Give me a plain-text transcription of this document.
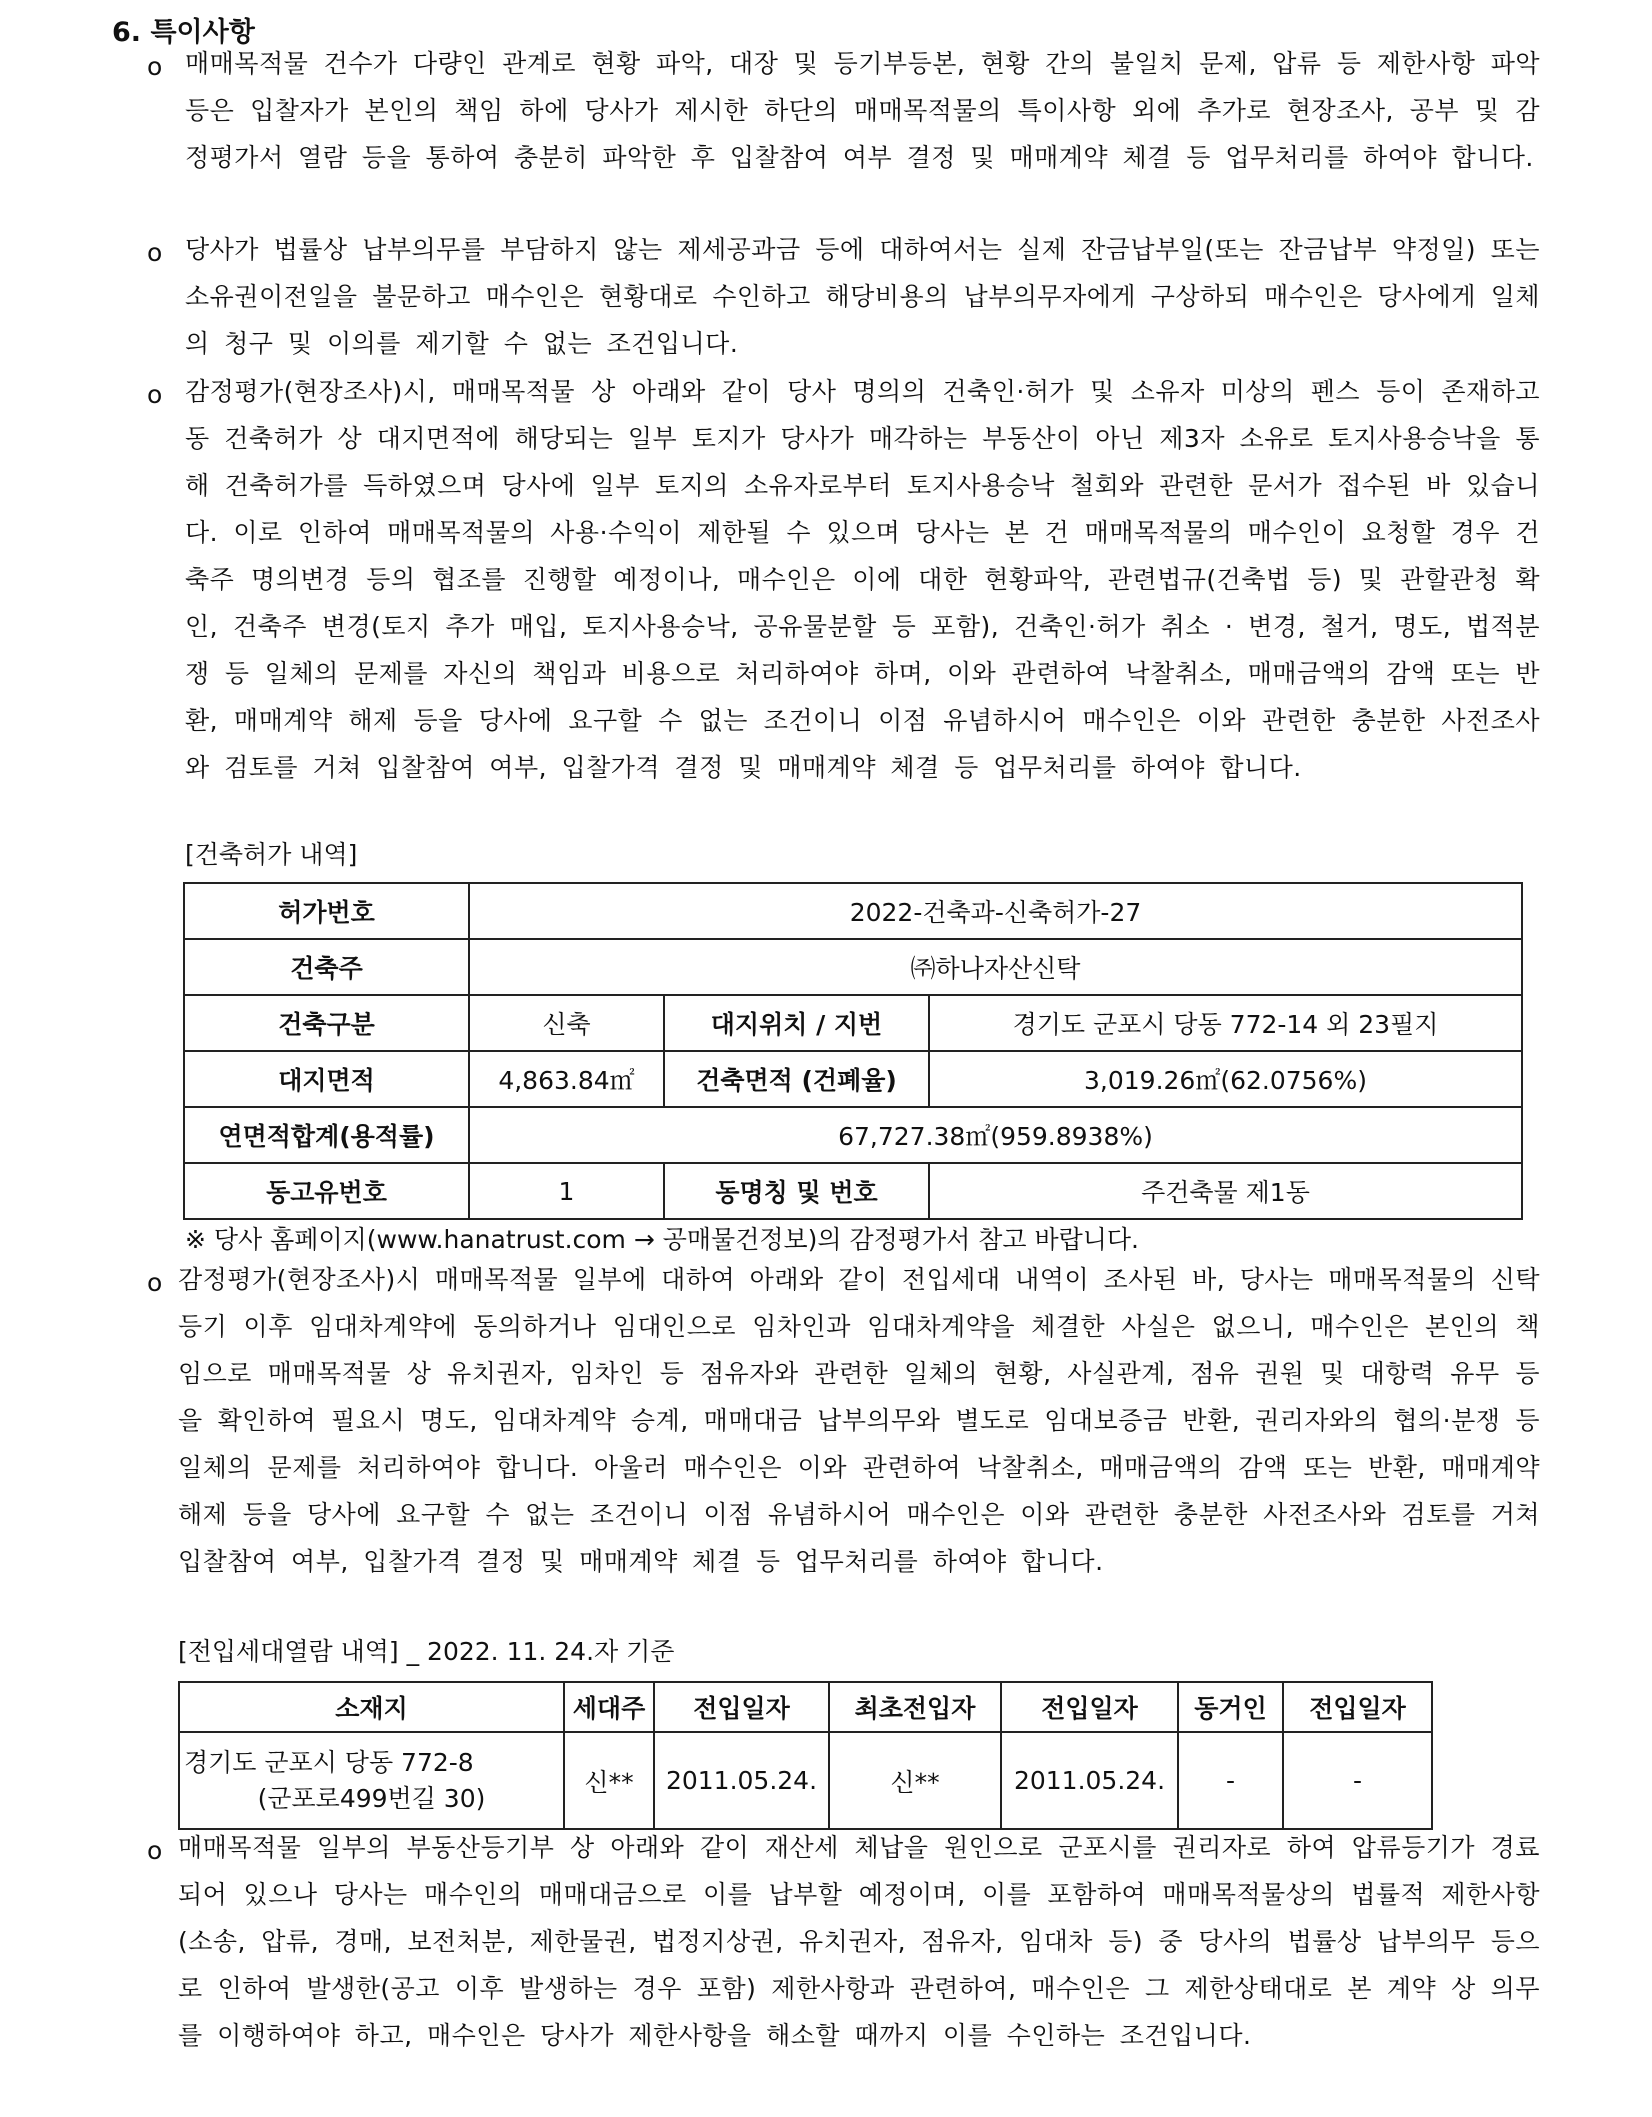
6. 특이사항
o 매매목적물 건수가 다량인 관계로 현황 파악, 대장 및 등기부등본, 현황 간의 불일치 문제, 압류 등 제한사항 파악 등은 입찰자가 본인의 책임 하에 당사가 제시한 하단의 매매목적물의 특이사항 외에 추가로 현장조사, 공부 및 감정평가서 열람 등을 통하여 충분히 파악한 후 입찰참여 여부 결정 및 매매계약 체결 등 업무처리를 하여야 합니다.

o 당사가 법률상 납부의무를 부담하지 않는 제세공과금 등에 대하여서는 실제 잔금납부일(또는 잔금납부 약정일) 또는 소유권이전일을 불문하고 매수인은 현황대로 수인하고 해당비용의 납부의무자에게 구상하되 매수인은 당사에게 일체의 청구 및 이의를 제기할 수 없는 조건입니다.

o 감정평가(현장조사)시, 매매목적물 상 아래와 같이 당사 명의의 건축인·허가 및 소유자 미상의 펜스 등이 존재하고 동 건축허가 상 대지면적에 해당되는 일부 토지가 당사가 매각하는 부동산이 아닌 제3자 소유로 토지사용승낙을 통해 건축허가를 득하였으며 당사에 일부 토지의 소유자로부터 토지사용승낙 철회와 관련한 문서가 접수된 바 있습니다. 이로 인하여 매매목적물의 사용·수익이 제한될 수 있으며 당사는 본 건 매매목적물의 매수인이 요청할 경우 건축주 명의변경 등의 협조를 진행할 예정이나, 매수인은 이에 대한 현황파악, 관련법규(건축법 등) 및 관할관청 확인, 건축주 변경(토지 추가 매입, 토지사용승낙, 공유물분할 등 포함), 건축인·허가 취소 · 변경, 철거, 명도, 법적분쟁 등 일체의 문제를 자신의 책임과 비용으로 처리하여야 하며, 이와 관련하여 낙찰취소, 매매금액의 감액 또는 반환, 매매계약 해제 등을 당사에 요구할 수 없는 조건이니 이점 유념하시어 매수인은 이와 관련한 충분한 사전조사와 검토를 거쳐 입찰참여 여부, 입찰가격 결정 및 매매계약 체결 등 업무처리를 하여야 합니다.

[건축허가 내역]
허가번호	2022-건축과-신축허가-27		
건축주	㈜하나자산신탁		
건축구분	신축	대지위치 / 지번	경기도 군포시 당동 772-14 외 23필지
대지면적	4,863.84㎡	건축면적 (건폐율)	3,019.26㎡(62.0756%)
연면적합계(용적률)	67,727.38㎡(959.8938%)		
동고유번호	1	동명칭 및 번호	주건축물 제1동
※ 당사 홈페이지(www.hanatrust.com → 공매물건정보)의 감정평가서 참고 바랍니다.
o 감정평가(현장조사)시 매매목적물 일부에 대하여 아래와 같이 전입세대 내역이 조사된 바, 당사는 매매목적물의 신탁등기 이후 임대차계약에 동의하거나 임대인으로 임차인과 임대차계약을 체결한 사실은 없으니, 매수인은 본인의 책임으로 매매목적물 상 유치권자, 임차인 등 점유자와 관련한 일체의 현황, 사실관계, 점유 권원 및 대항력 유무 등을 확인하여 필요시 명도, 임대차계약 승계, 매매대금 납부의무와 별도로 임대보증금 반환, 권리자와의 협의·분쟁 등 일체의 문제를 처리하여야 합니다. 아울러 매수인은 이와 관련하여 낙찰취소, 매매금액의 감액 또는 반환, 매매계약 해제 등을 당사에 요구할 수 없는 조건이니 이점 유념하시어 매수인은 이와 관련한 충분한 사전조사와 검토를 거쳐 입찰참여 여부, 입찰가격 결정 및 매매계약 체결 등 업무처리를 하여야 합니다.

[전입세대열람 내역] _ 2022. 11. 24.자 기준
소재지	세대주	전입일자	최초전입자	전입일자	동거인	전입일자

경기도 군포시 당동 772-8
(군포로499번길 30)	신**	2011.05.24.	신**	2011.05.24.	-	-
o 매매목적물 일부의 부동산등기부 상 아래와 같이 재산세 체납을 원인으로 군포시를 권리자로 하여 압류등기가 경료되어 있으나 당사는 매수인의 매매대금으로 이를 납부할 예정이며, 이를 포함하여 매매목적물상의 법률적 제한사항(소송, 압류, 경매, 보전처분, 제한물권, 법정지상권, 유치권자, 점유자, 임대차 등) 중 당사의 법률상 납부의무 등으로 인하여 발생한(공고 이후 발생하는 경우 포함) 제한사항과 관련하여, 매수인은 그 제한상태대로 본 계약 상 의무를 이행하여야 하고, 매수인은 당사가 제한사항을 해소할 때까지 이를 수인하는 조건입니다.
